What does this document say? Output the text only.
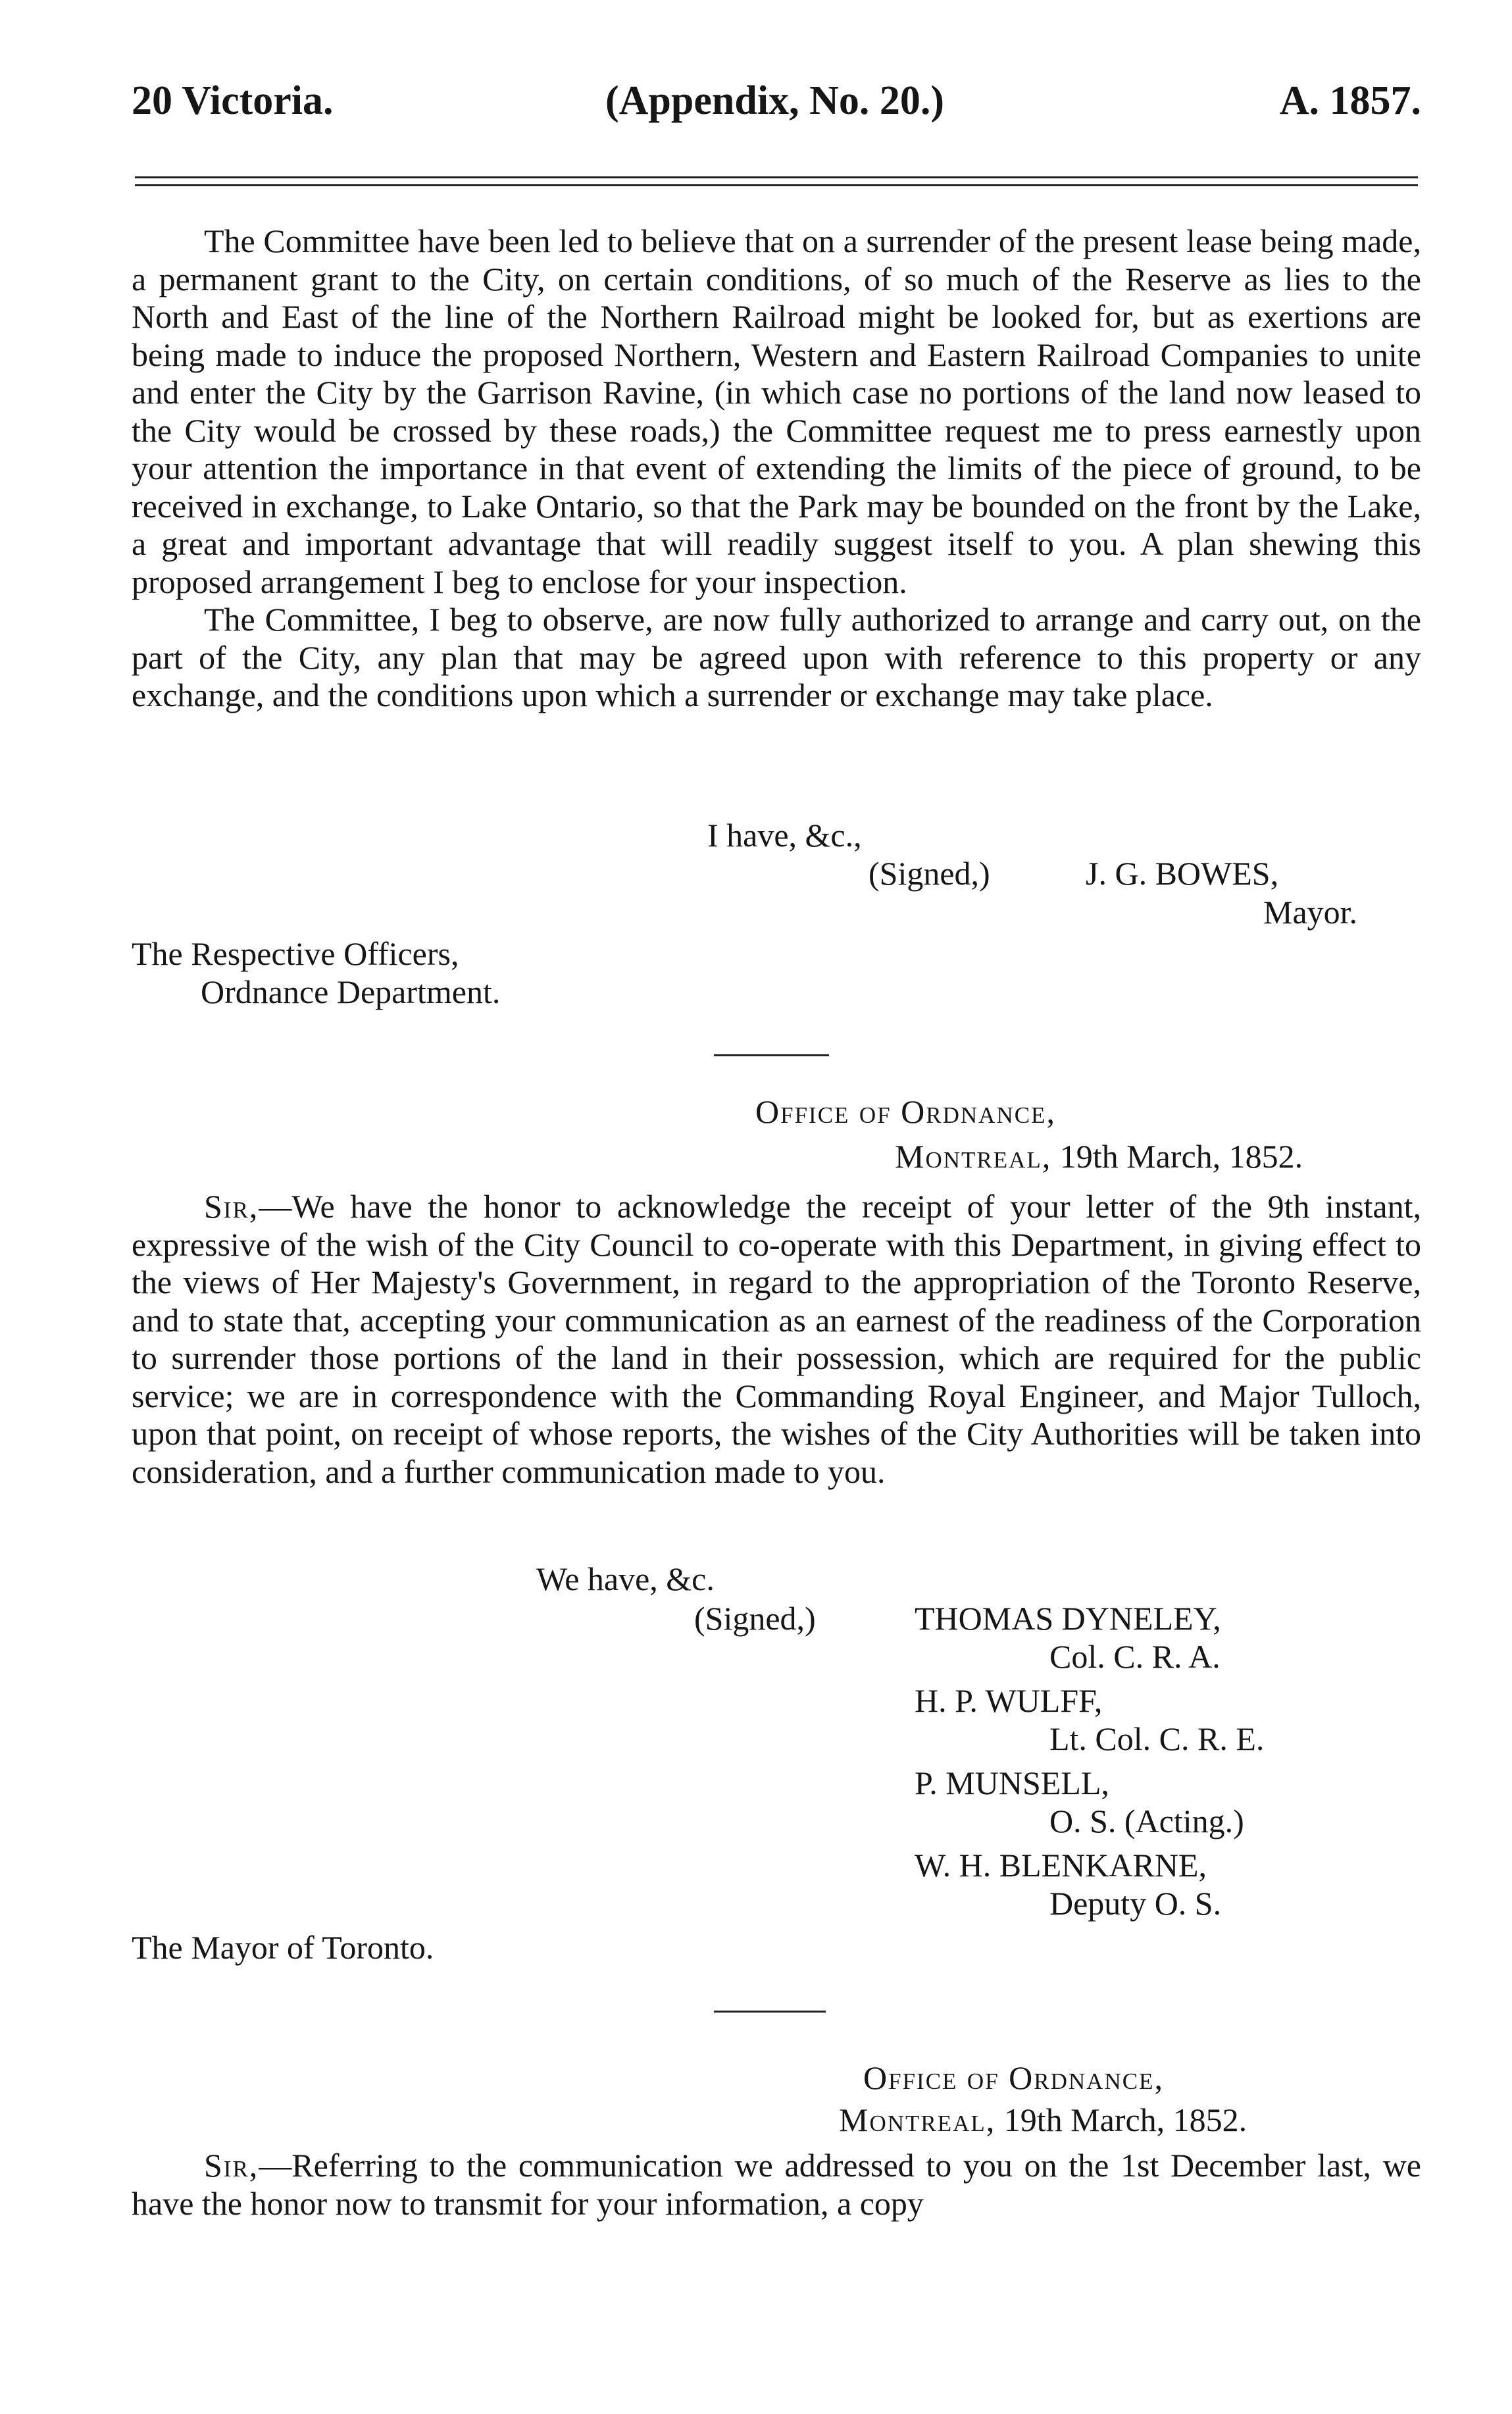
20 Victoria.	(Appendix, No. 20.)	A. 1857.

The Committee have been led to believe that on a surrender of the present lease being made, a permanent grant to the City, on certain conditions, of so much of the Reserve as lies to the North and East of the line of the Northern Railroad might be looked for, but as exertions are being made to induce the proposed Northern, Western and Eastern Railroad Companies to unite and enter the City by the Garrison Ravine, (in which case no portions of the land now leased to the City would be crossed by these roads,) the Committee request me to press earnestly upon your attention the importance in that event of extending the limits of the piece of ground, to be received in exchange, to Lake Ontario, so that the Park may be bounded on the front by the Lake, a great and important advantage that will readily suggest itself to you. A plan shewing this proposed arrangement I beg to enclose for your inspection.

The Committee, I beg to observe, are now fully authorized to arrange and carry out, on the part of the City, any plan that may be agreed upon with reference to this property or any exchange, and the conditions upon which a surrender or exchange may take place.

I have, &c.,
(Signed,)	J. G. BOWES,
Mayor.
The Respective Officers,
Ordnance Department.
Office of Ordnance,
Montreal, 19th March, 1852.

Sir,—We have the honor to acknowledge the receipt of your letter of the 9th instant, expressive of the wish of the City Council to co-operate with this Department, in giving effect to the views of Her Majesty's Government, in regard to the appropriation of the Toronto Reserve, and to state that, accepting your communication as an earnest of the readiness of the Corporation to surrender those portions of the land in their possession, which are required for the public service; we are in correspondence with the Commanding Royal Engineer, and Major Tulloch, upon that point, on receipt of whose reports, the wishes of the City Authorities will be taken into consideration, and a further communication made to you.

We have, &c.
(Signed,)	THOMAS DYNELEY,
Col. C. R. A.
H. P. WULFF,
Lt. Col. C. R. E.
P. MUNSELL,
O. S. (Acting.)
W. H. BLENKARNE,
Deputy O. S.
The Mayor of Toronto.
Office of Ordnance,
Montreal, 19th March, 1852.

Sir,—Referring to the communication we addressed to you on the 1st December last, we have the honor now to transmit for your information, a copy
